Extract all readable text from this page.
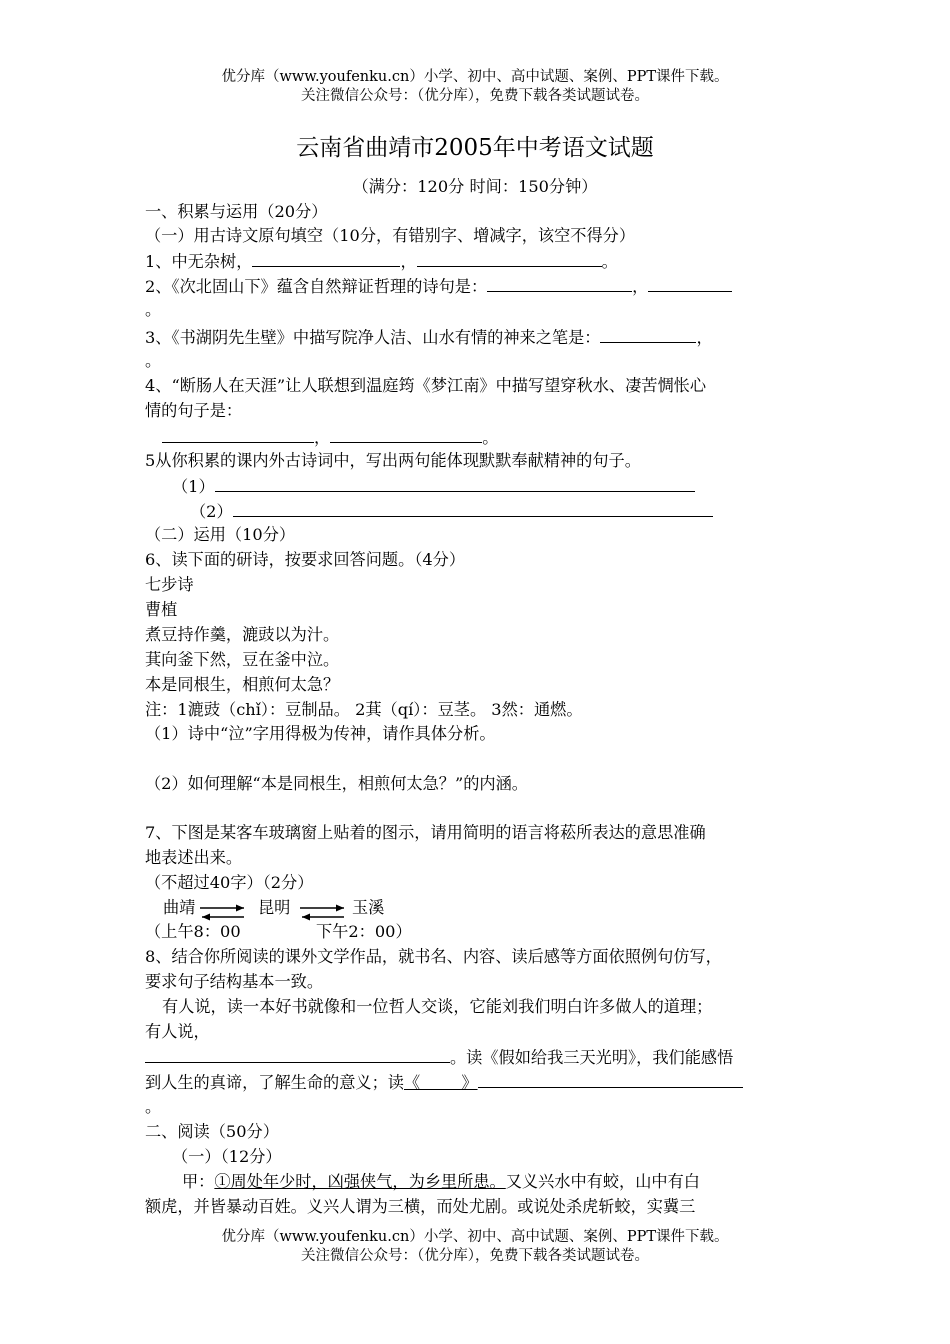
优分库（www.youfenku.cn）小学、初中、高中试题、案例、PPT课件下载。
关注微信公众号：（优分库），免费下载各类试题试卷。
云南省曲靖市2005年中考语文试题
（满分：120分 时间：150分钟）
一、积累与运用（20分）
（一）用古诗文原句填空（10分，有错别字、增减字，该空不得分）
1、中无杂树，	，	。
2、《次北固山下》蕴含自然辩证哲理的诗句是：	，
。
3、《书湖阴先生壁》中描写院净人洁、山水有情的神来之笔是：	，
。
4、“断肠人在天涯”让人联想到温庭筠《梦江南》中描写望穿秋水、凄苦惆怅心
情的句子是：
，	。
5从你积累的课内外古诗词中，写出两句能体现默默奉献精神的句子。
（1）
（2）
（二）运用（10分）
6、读下面的研诗，按要求回答问题。（4分）
七步诗
曹植
煮豆持作羹，漉豉以为汁。
萁向釜下然，豆在釜中泣。
本是同根生，相煎何太急？
注：1漉豉（chǐ）：豆制品。 2萁（qí）：豆茎。 3然：通燃。
（1）诗中“泣”字用得极为传神，请作具体分析。
（2）如何理解“本是同根生，相煎何太急？”的内涵。
7、下图是某客车玻璃窗上贴着的图示，请用简明的语言将菘所表达的意思准确
地表述出来。
（不超过40字）（2分）
曲靖	昆明	玉溪
（上午8：00	下午2：00）
8、结合你所阅读的课外文学作品，就书名、内容、读后感等方面依照例句仿写，
要求句子结构基本一致。
有人说，读一本好书就像和一位哲人交谈，它能刘我们明白许多做人的道理；
有人说，
。读《假如给我三天光明》，我们能感悟
到人生的真谛，了解生命的意义；读《        》
。
二、阅读（50分）
（一）（12分）
甲：①周处年少时，凶强侠气，为乡里所患。又义兴水中有蛟，山中有白
额虎，并皆暴动百姓。义兴人谓为三横，而处尤剧。或说处杀虎斩蛟，实冀三
优分库（www.youfenku.cn）小学、初中、高中试题、案例、PPT课件下载。
关注微信公众号：（优分库），免费下载各类试题试卷。
